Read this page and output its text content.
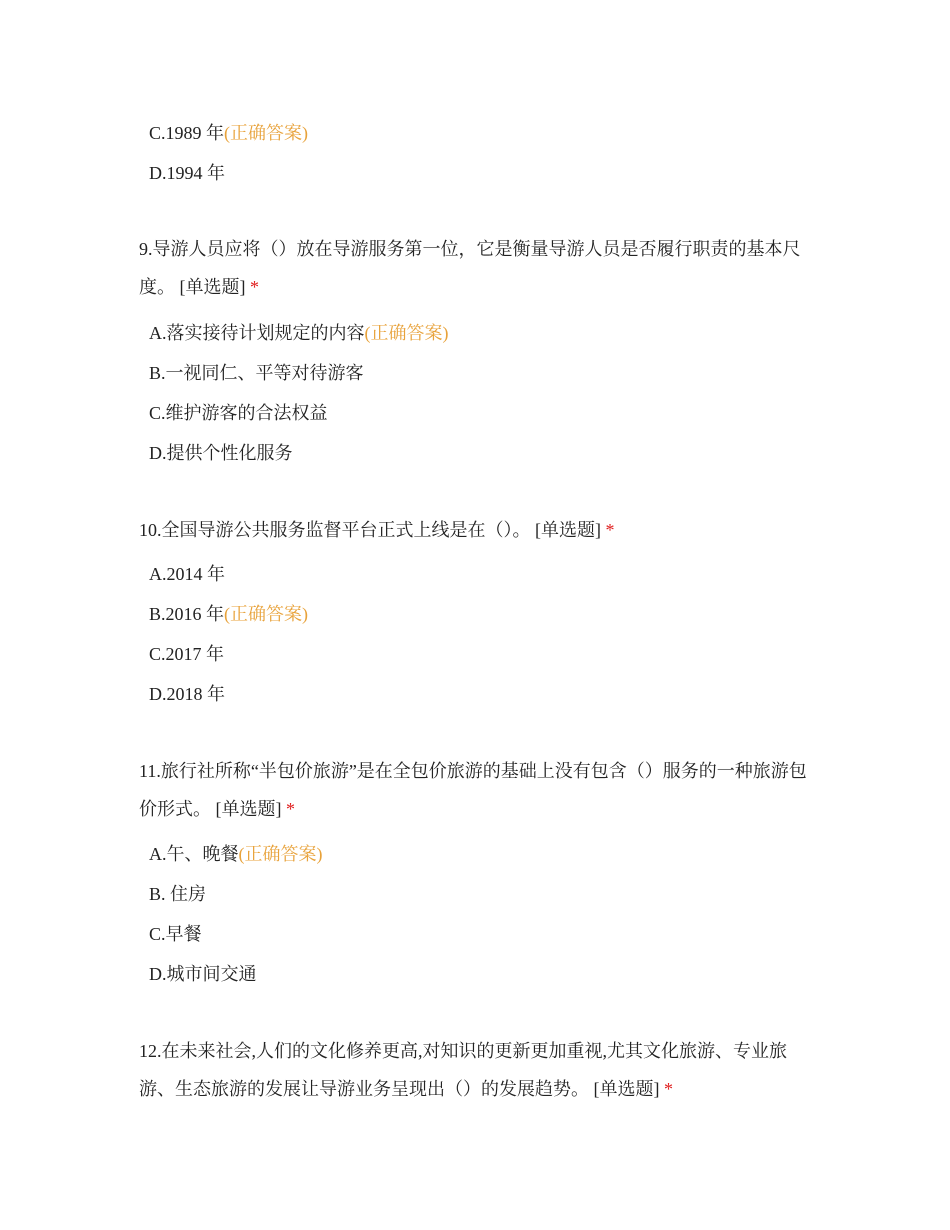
C.1989 年(正确答案)
D.1994 年
9.导游人员应将（）放在导游服务第一位，它是衡量导游人员是否履行职责的基本尺度。 [单选题] *
A.落实接待计划规定的内容(正确答案)
B.一视同仁、平等对待游客
C.维护游客的合法权益
D.提供个性化服务
10.全国导游公共服务监督平台正式上线是在（）。 [单选题] *
A.2014 年
B.2016 年(正确答案)
C.2017 年
D.2018 年
11.旅行社所称“半包价旅游”是在全包价旅游的基础上没有包含（）服务的一种旅游包价形式。 [单选题] *
A.午、晚餐(正确答案)
B. 住房
C.早餐
D.城市间交通
12.在未来社会,人们的文化修养更高,对知识的更新更加重视,尤其文化旅游、专业旅游、生态旅游的发展让导游业务呈现出（）的发展趋势。 [单选题] *
